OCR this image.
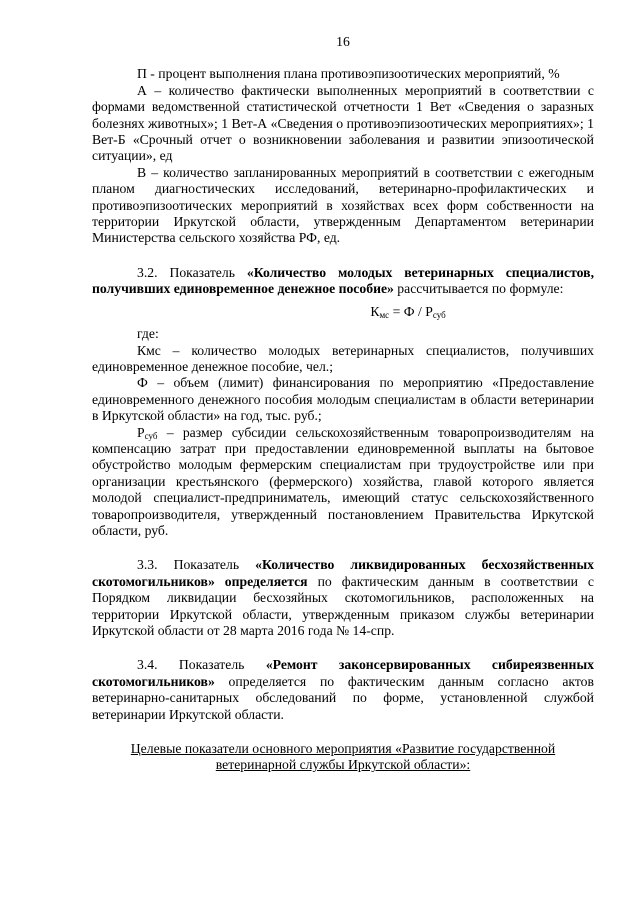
16

П - процент выполнения плана противоэпизоотических мероприятий, %

А – количество фактически выполненных мероприятий в соответствии с формами ведомственной статистической отчетности 1 Вет «Сведения о заразных болезнях животных»; 1 Вет-А «Сведения о противоэпизоотических мероприятиях»; 1 Вет-Б «Срочный отчет о возникновении заболевания и развитии эпизоотической ситуации», ед

В – количество запланированных мероприятий в соответствии с ежегодным планом диагностических исследований, ветеринарно-профилактических и противоэпизоотических мероприятий в хозяйствах всех форм собственности на территории Иркутской области, утвержденным Департаментом ветеринарии Министерства сельского хозяйства РФ, ед.

3.2. Показатель «Количество молодых ветеринарных специалистов, получивших единовременное денежное пособие» рассчитывается по формуле:

$К_{мс} = Ф / Р_{суб}$

где:

Кмс – количество молодых ветеринарных специалистов, получивших единовременное денежное пособие, чел.;

Ф – объем (лимит) финансирования по мероприятию «Предоставление единовременного денежного пособия молодым специалистам в области ветеринарии в Иркутской области» на год, тыс. руб.;

$Р_{суб}$ – размер субсидии сельскохозяйственным товаропроизводителям на компенсацию затрат при предоставлении единовременной выплаты на бытовое обустройство молодым фермерским специалистам при трудоустройстве или при организации крестьянского (фермерского) хозяйства, главой которого является молодой специалист-предприниматель, имеющий статус сельскохозяйственного товаропроизводителя, утвержденный постановлением Правительства Иркутской области, руб.

3.3. Показатель «Количество ликвидированных бесхозяйственных скотомогильников» определяется по фактическим данным в соответствии с Порядком ликвидации бесхозяйных скотомогильников, расположенных на территории Иркутской области, утвержденным приказом службы ветеринарии Иркутской области от 28 марта 2016 года № 14-спр.

3.4. Показатель «Ремонт законсервированных сибиреязвенных скотомогильников» определяется по фактическим данным согласно актов ветеринарно-санитарных обследований по форме, установленной службой ветеринарии Иркутской области.

Целевые показатели основного мероприятия «Развитие государственной ветеринарной службы Иркутской области»:
